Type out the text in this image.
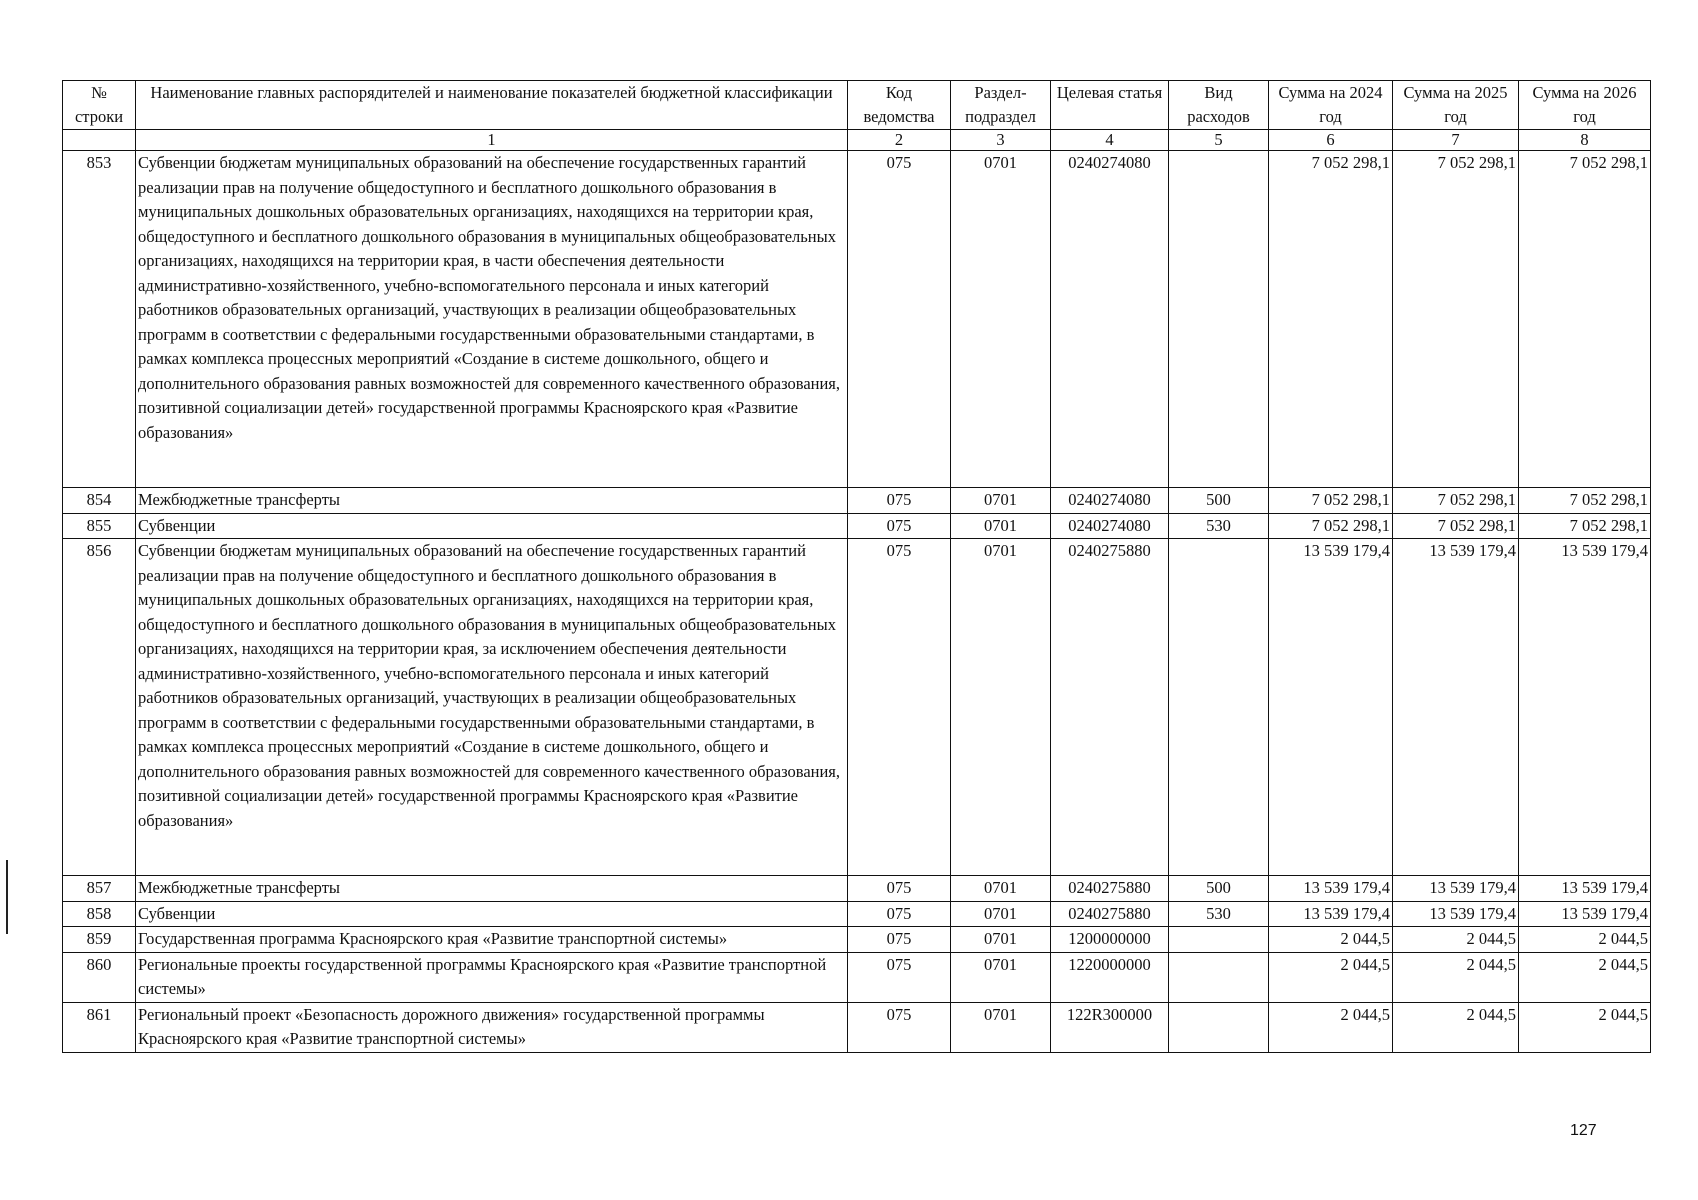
№ строки	Наименование главных распорядителей и наименование показателей бюджетной классификации	Код ведомства	Раздел-подраздел	Целевая статья	Вид расходов	Сумма на 2024 год	Сумма на 2025 год	Сумма на 2026 год
	1	2	3	4	5	6	7	8
853	Субвенции бюджетам муниципальных образований на обеспечение государственных гарантий реализации прав на получение общедоступного и бесплатного дошкольного образования в муниципальных дошкольных образовательных организациях, находящихся на территории края, общедоступного и бесплатного дошкольного образования в муниципальных общеобразовательных организациях, находящихся на территории края, в части обеспечения деятельности административно-хозяйственного, учебно-вспомогательного персонала и иных категорий работников образовательных организаций, участвующих в реализации общеобразовательных программ в соответствии с федеральными государственными образовательными стандартами, в рамках комплекса процессных мероприятий «Создание в системе дошкольного, общего и дополнительного образования равных возможностей для современного качественного образования, позитивной социализации детей» государственной программы Красноярского края «Развитие образования»	075	0701	0240274080		7 052 298,1	7 052 298,1	7 052 298,1
854	Межбюджетные трансферты	075	0701	0240274080	500	7 052 298,1	7 052 298,1	7 052 298,1
855	Субвенции	075	0701	0240274080	530	7 052 298,1	7 052 298,1	7 052 298,1
856	Субвенции бюджетам муниципальных образований на обеспечение государственных гарантий реализации прав на получение общедоступного и бесплатного дошкольного образования в муниципальных дошкольных образовательных организациях, находящихся на территории края, общедоступного и бесплатного дошкольного образования в муниципальных общеобразовательных организациях, находящихся на территории края, за исключением обеспечения деятельности административно-хозяйственного, учебно-вспомогательного персонала и иных категорий работников образовательных организаций, участвующих в реализации общеобразовательных программ в соответствии с федеральными государственными образовательными стандартами, в рамках комплекса процессных мероприятий «Создание в системе дошкольного, общего и дополнительного образования равных возможностей для современного качественного образования, позитивной социализации детей» государственной программы Красноярского края «Развитие образования»	075	0701	0240275880		13 539 179,4	13 539 179,4	13 539 179,4
857	Межбюджетные трансферты	075	0701	0240275880	500	13 539 179,4	13 539 179,4	13 539 179,4
858	Субвенции	075	0701	0240275880	530	13 539 179,4	13 539 179,4	13 539 179,4
859	Государственная программа Красноярского края «Развитие транспортной системы»	075	0701	1200000000		2 044,5	2 044,5	2 044,5
860	Региональные проекты государственной программы Красноярского края «Развитие транспортной системы»	075	0701	1220000000		2 044,5	2 044,5	2 044,5
861	Региональный проект «Безопасность дорожного движения» государственной программы Красноярского края «Развитие транспортной системы»	075	0701	122R300000		2 044,5	2 044,5	2 044,5
127
